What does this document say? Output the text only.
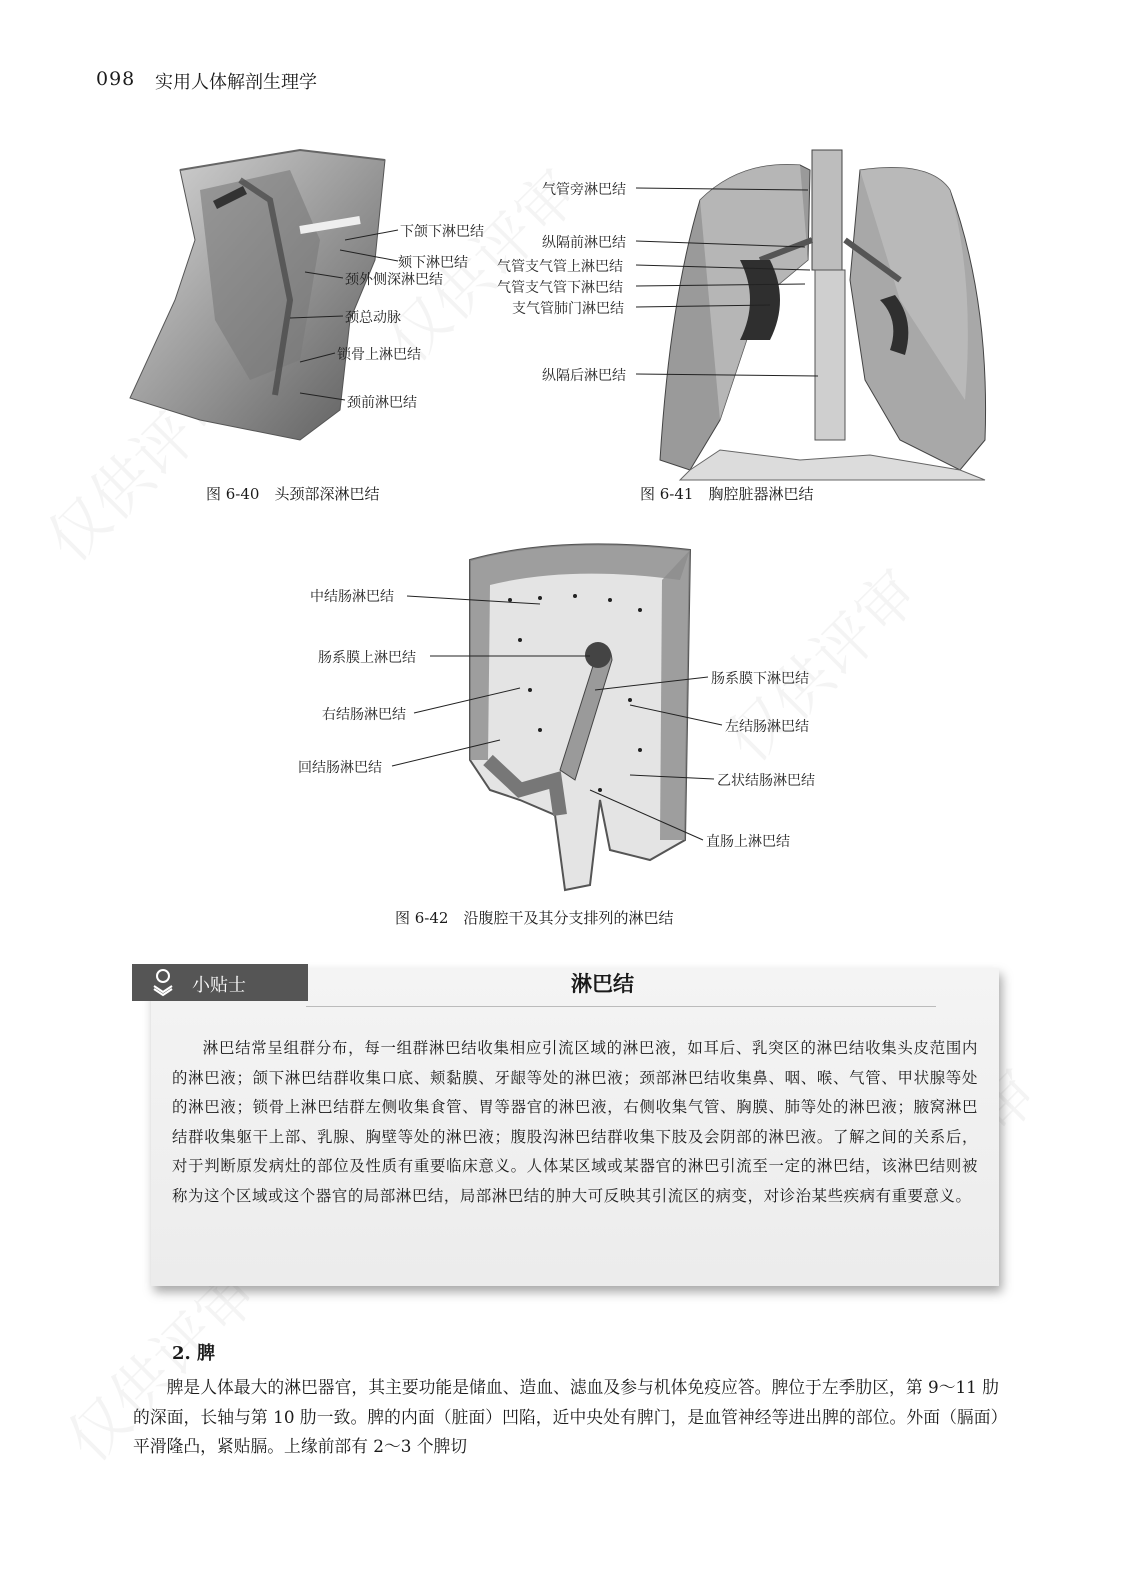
098 实用人体解剖生理学
下颌下淋巴结
颏下淋巴结
颈外侧深淋巴结
颈总动脉
锁骨上淋巴结
颈前淋巴结
图 6-40　头颈部深淋巴结
气管旁淋巴结
纵隔前淋巴结
气管支气管上淋巴结
气管支气管下淋巴结
支气管肺门淋巴结
纵隔后淋巴结
图 6-41　胸腔脏器淋巴结
中结肠淋巴结
肠系膜上淋巴结
右结肠淋巴结
回结肠淋巴结
肠系膜下淋巴结
左结肠淋巴结
乙状结肠淋巴结
直肠上淋巴结
图 6-42　沿腹腔干及其分支排列的淋巴结
小贴士	淋巴结

淋巴结常呈组群分布，每一组群淋巴结收集相应引流区域的淋巴液，如耳后、乳突区的淋巴结收集头皮范围内的淋巴液；颌下淋巴结群收集口底、颊黏膜、牙龈等处的淋巴液；颈部淋巴结收集鼻、咽、喉、气管、甲状腺等处的淋巴液；锁骨上淋巴结群左侧收集食管、胃等器官的淋巴液，右侧收集气管、胸膜、肺等处的淋巴液；腋窝淋巴结群收集躯干上部、乳腺、胸壁等处的淋巴液；腹股沟淋巴结群收集下肢及会阴部的淋巴液。了解之间的关系后，对于判断原发病灶的部位及性质有重要临床意义。人体某区域或某器官的淋巴引流至一定的淋巴结，该淋巴结则被称为这个区域或这个器官的局部淋巴结，局部淋巴结的肿大可反映其引流区的病变，对诊治某些疾病有重要意义。

2. 脾

脾是人体最大的淋巴器官，其主要功能是储血、造血、滤血及参与机体免疫应答。脾位于左季肋区，第 9～11 肋的深面，长轴与第 10 肋一致。脾的内面（脏面）凹陷，近中央处有脾门，是血管神经等进出脾的部位。外面（膈面）平滑隆凸，紧贴膈。上缘前部有 2～3 个脾切
